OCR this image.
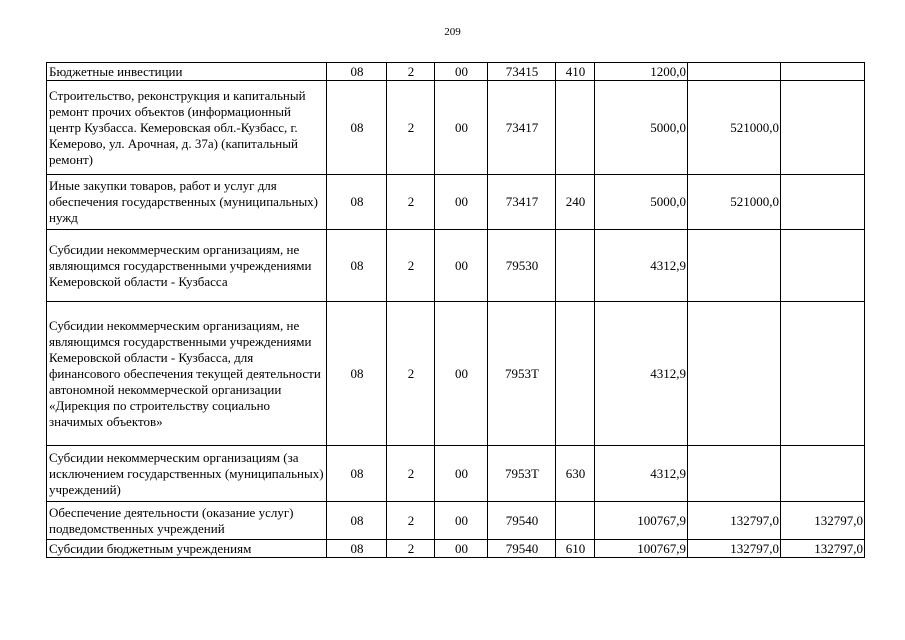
209
Бюджетные инвестиции	08	2	00	73415	410	1200,0		
Строительство, реконструкция и капитальный ремонт прочих объектов (информационный центр Кузбасса. Кемеровская обл.-Кузбасс, г. Кемерово, ул. Арочная, д. 37а) (капитальный ремонт)	08	2	00	73417		5000,0	521000,0	
Иные закупки товаров, работ и услуг для обеспечения государственных (муниципальных) нужд	08	2	00	73417	240	5000,0	521000,0	
Субсидии некоммерческим организациям, не являющимся государственными учреждениями Кемеровской области - Кузбасса	08	2	00	79530		4312,9		
Субсидии некоммерческим организациям, не являющимся государственными учреждениями Кемеровской области - Кузбасса, для финансового обеспечения текущей деятельности автономной некоммерческой организации «Дирекция по строительству социально значимых объектов»	08	2	00	7953Т		4312,9		
Субсидии некоммерческим организациям (за исключением государственных (муниципальных) учреждений)	08	2	00	7953Т	630	4312,9		
Обеспечение деятельности (оказание услуг) подведомственных учреждений	08	2	00	79540		100767,9	132797,0	132797,0
Субсидии бюджетным учреждениям	08	2	00	79540	610	100767,9	132797,0	132797,0
